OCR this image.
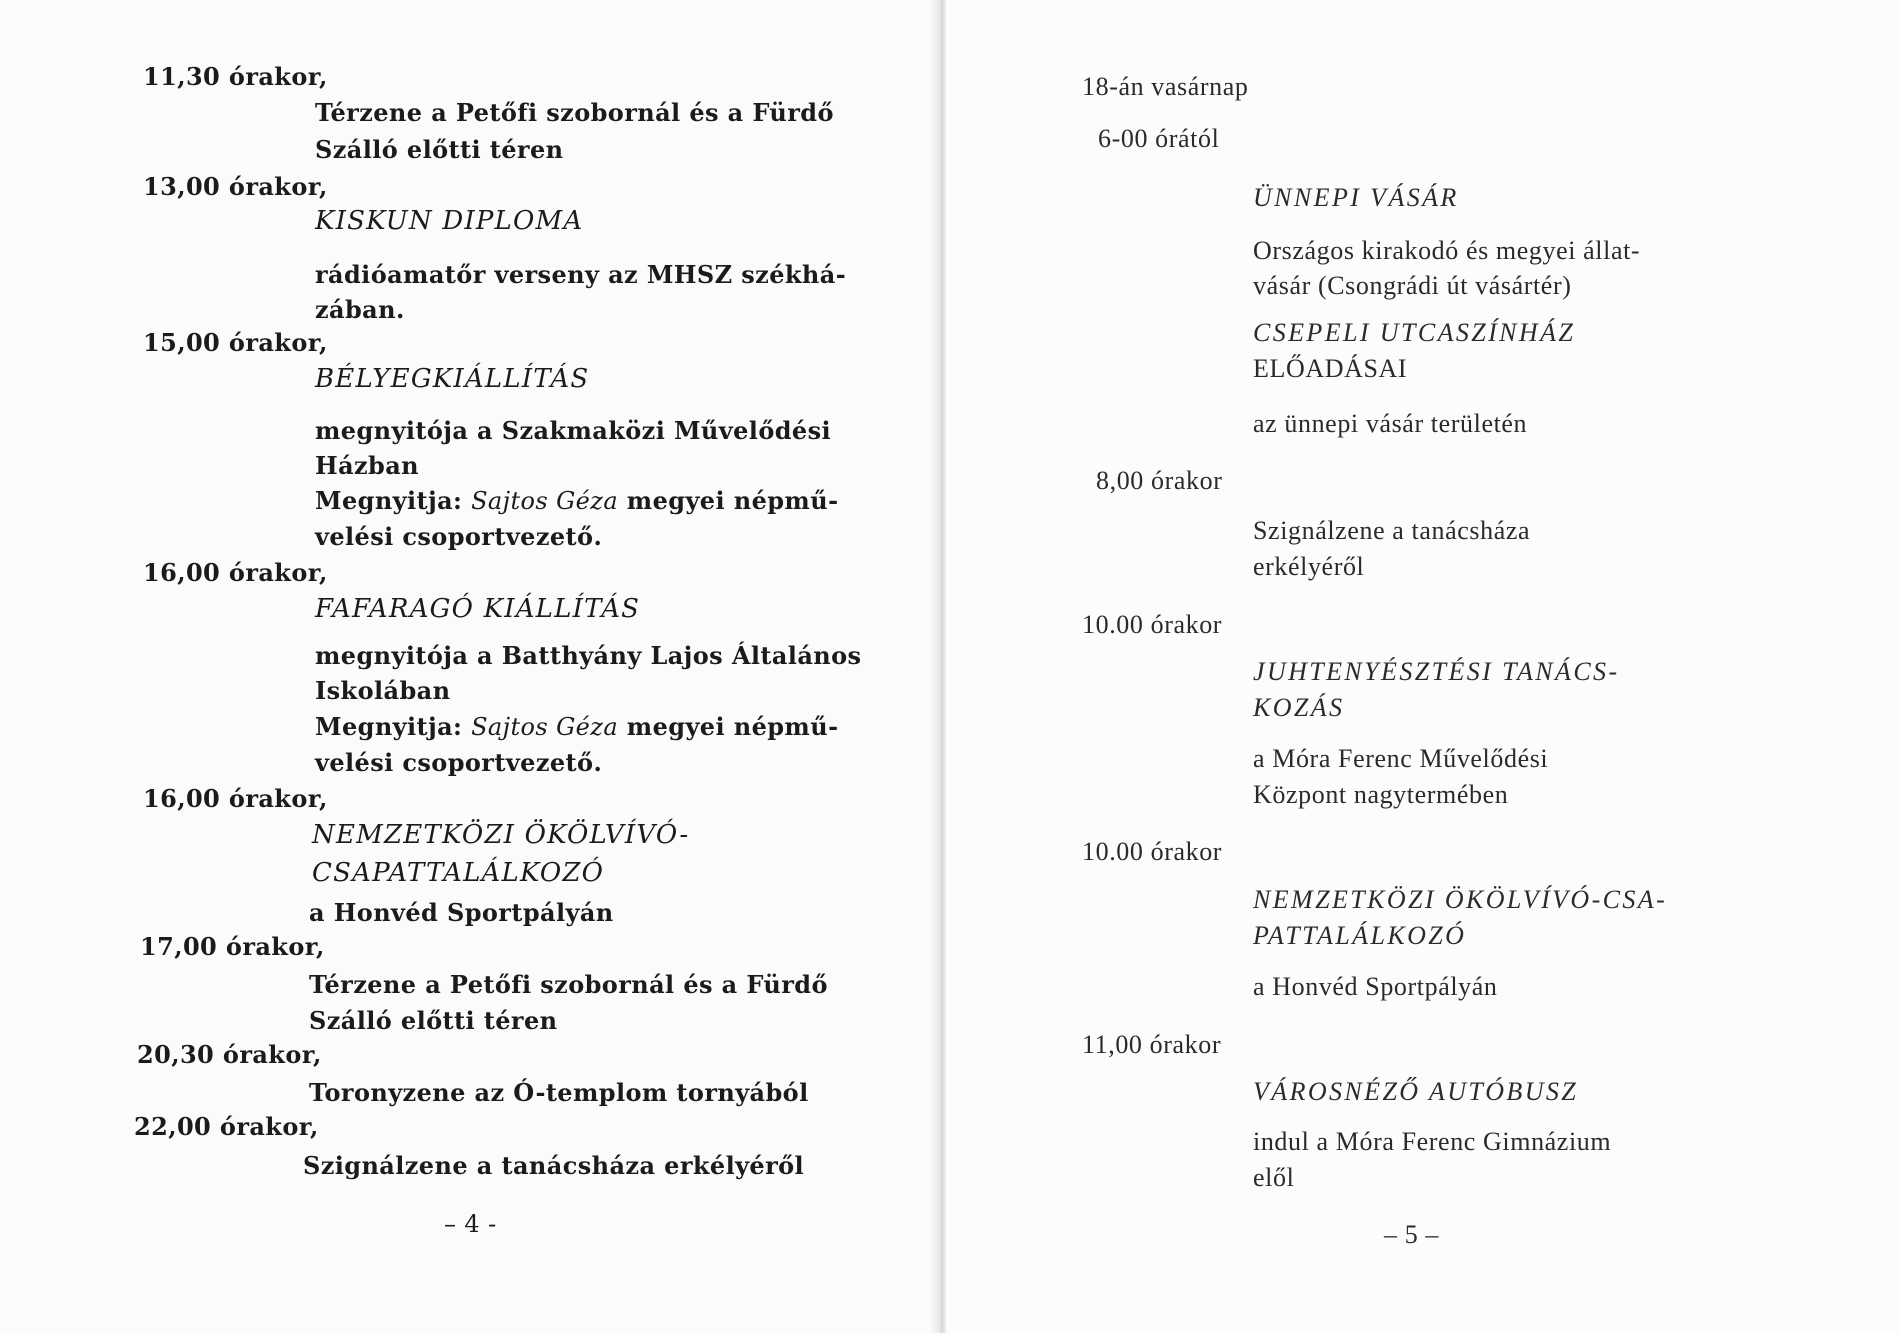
11,30 órakor,
Térzene a Petőfi szobornál és a Fürdő
Szálló előtti téren
13,00 órakor,
KISKUN DIPLOMA
rádióamatőr verseny az MHSZ székhá-
zában.
15,00 órakor,
BÉLYEGKIÁLLÍTÁS
megnyitója a Szakmaközi Művelődési
Házban
Megnyitja: Sajtos Géza megyei népmű-
velési csoportvezető.
16,00 órakor,
FAFARAGÓ KIÁLLÍTÁS
megnyitója a Batthyány Lajos Általános
Iskolában
Megnyitja: Sajtos Géza megyei népmű-
velési csoportvezető.
16,00 órakor,
NEMZETKÖZI ÖKÖLVÍVÓ-
CSAPATTALÁLKOZÓ
a Honvéd Sportpályán
17,00 órakor,
Térzene a Petőfi szobornál és a Fürdő
Szálló előtti téren
20,30 órakor,
Toronyzene az Ó-templom tornyából
22,00 órakor,
Szignálzene a tanácsháza erkélyéről
– 4 -
18-án vasárnap
6-00 órától
ÜNNEPI VÁSÁR
Országos kirakodó és megyei állat-
vásár (Csongrádi út vásártér)
CSEPELI UTCASZÍNHÁZ
ELŐADÁSAI
az ünnepi vásár területén
8,00 órakor
Szignálzene a tanácsháza
erkélyéről
10.00 órakor
JUHTENYÉSZTÉSI TANÁCS-
KOZÁS
a Móra Ferenc Művelődési
Központ nagytermében
10.00 órakor
NEMZETKÖZI ÖKÖLVÍVÓ-CSA-
PATTALÁLKOZÓ
a Honvéd Sportpályán
11,00 órakor
VÁROSNÉZŐ AUTÓBUSZ
indul a Móra Ferenc Gimnázium
elől
– 5 –
